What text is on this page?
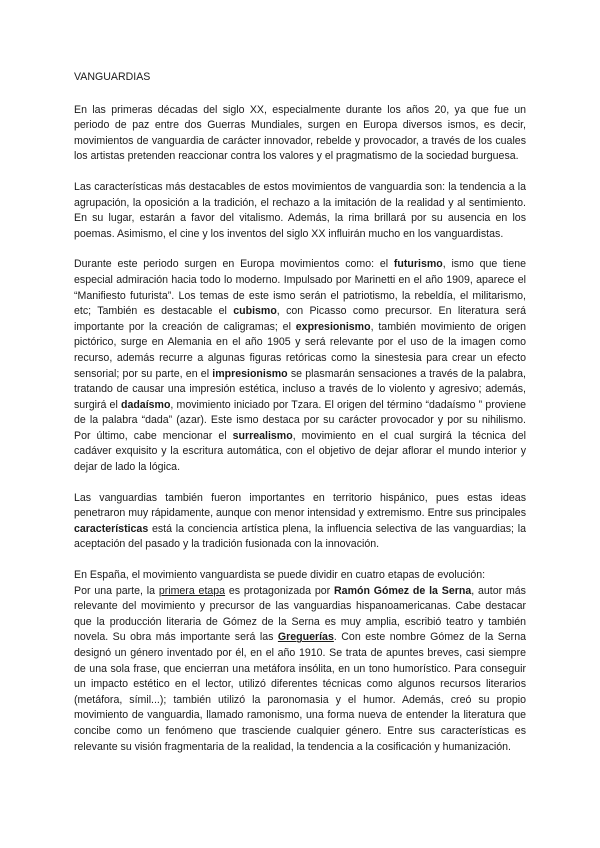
VANGUARDIAS

En las primeras décadas del siglo XX, especialmente durante los años 20, ya que fue un periodo de paz entre dos Guerras Mundiales, surgen en Europa diversos ismos, es decir, movimientos de vanguardia de carácter innovador, rebelde y provocador, a través de los cuales los artistas pretenden reaccionar contra los valores y el pragmatismo de la sociedad burguesa.

Las características más destacables de estos movimientos de vanguardia son: la tendencia a la agrupación, la oposición a la tradición, el rechazo a la imitación de la realidad y al sentimiento. En su lugar, estarán a favor del vitalismo. Además, la rima brillará por su ausencia en los poemas. Asimismo, el cine y los inventos del siglo XX influirán mucho en los vanguardistas.

Durante este periodo surgen en Europa movimientos como: el futurismo, ismo que tiene especial admiración hacia todo lo moderno. Impulsado por Marinetti en el año 1909, aparece el “Manifiesto futurista”. Los temas de este ismo serán el patriotismo, la rebeldía, el militarismo, etc; También es destacable el cubismo, con Picasso como precursor. En literatura será importante por la creación de caligramas; el expresionismo, también movimiento de origen pictórico, surge en Alemania en el año 1905 y será relevante por el uso de la imagen como recurso, además recurre a algunas figuras retóricas como la sinestesia para crear un efecto sensorial; por su parte, en el impresionismo se plasmarán sensaciones a través de la palabra, tratando de causar una impresión estética, incluso a través de lo violento y agresivo; además, surgirá el dadaísmo, movimiento iniciado por Tzara. El origen del término “dadaísmo ” proviene de la palabra “dada” (azar). Este ismo destaca por su carácter provocador y por su nihilismo. Por último, cabe mencionar el surrealismo, movimiento en el cual surgirá la técnica del cadáver exquisito y la escritura automática, con el objetivo de dejar aflorar el mundo interior y dejar de lado la lógica.

Las vanguardias también fueron importantes en territorio hispánico, pues estas ideas penetraron muy rápidamente, aunque con menor intensidad y extremismo. Entre sus principales características está la conciencia artística plena, la influencia selectiva de las vanguardias; la aceptación del pasado y la tradición fusionada con la innovación.

En España, el movimiento vanguardista se puede dividir en cuatro etapas de evolución:

Por una parte, la primera etapa es protagonizada por Ramón Gómez de la Serna, autor más relevante del movimiento y precursor de las vanguardias hispanoamericanas. Cabe destacar que la producción literaria de Gómez de la Serna es muy amplia, escribió teatro y también novela. Su obra más importante será las Greguerías. Con este nombre Gómez de la Serna designó un género inventado por él, en el año 1910. Se trata de apuntes breves, casi siempre de una sola frase, que encierran una metáfora insólita, en un tono humorístico. Para conseguir un impacto estético en el lector, utilizó diferentes técnicas como algunos recursos literarios (metáfora, símil...); también utilizó la paronomasia y el humor. Además, creó su propio movimiento de vanguardia, llamado ramonismo, una forma nueva de entender la literatura que concibe como un fenómeno que trasciende cualquier género. Entre sus características es relevante su visión fragmentaria de la realidad, la tendencia a la cosificación y humanización.
